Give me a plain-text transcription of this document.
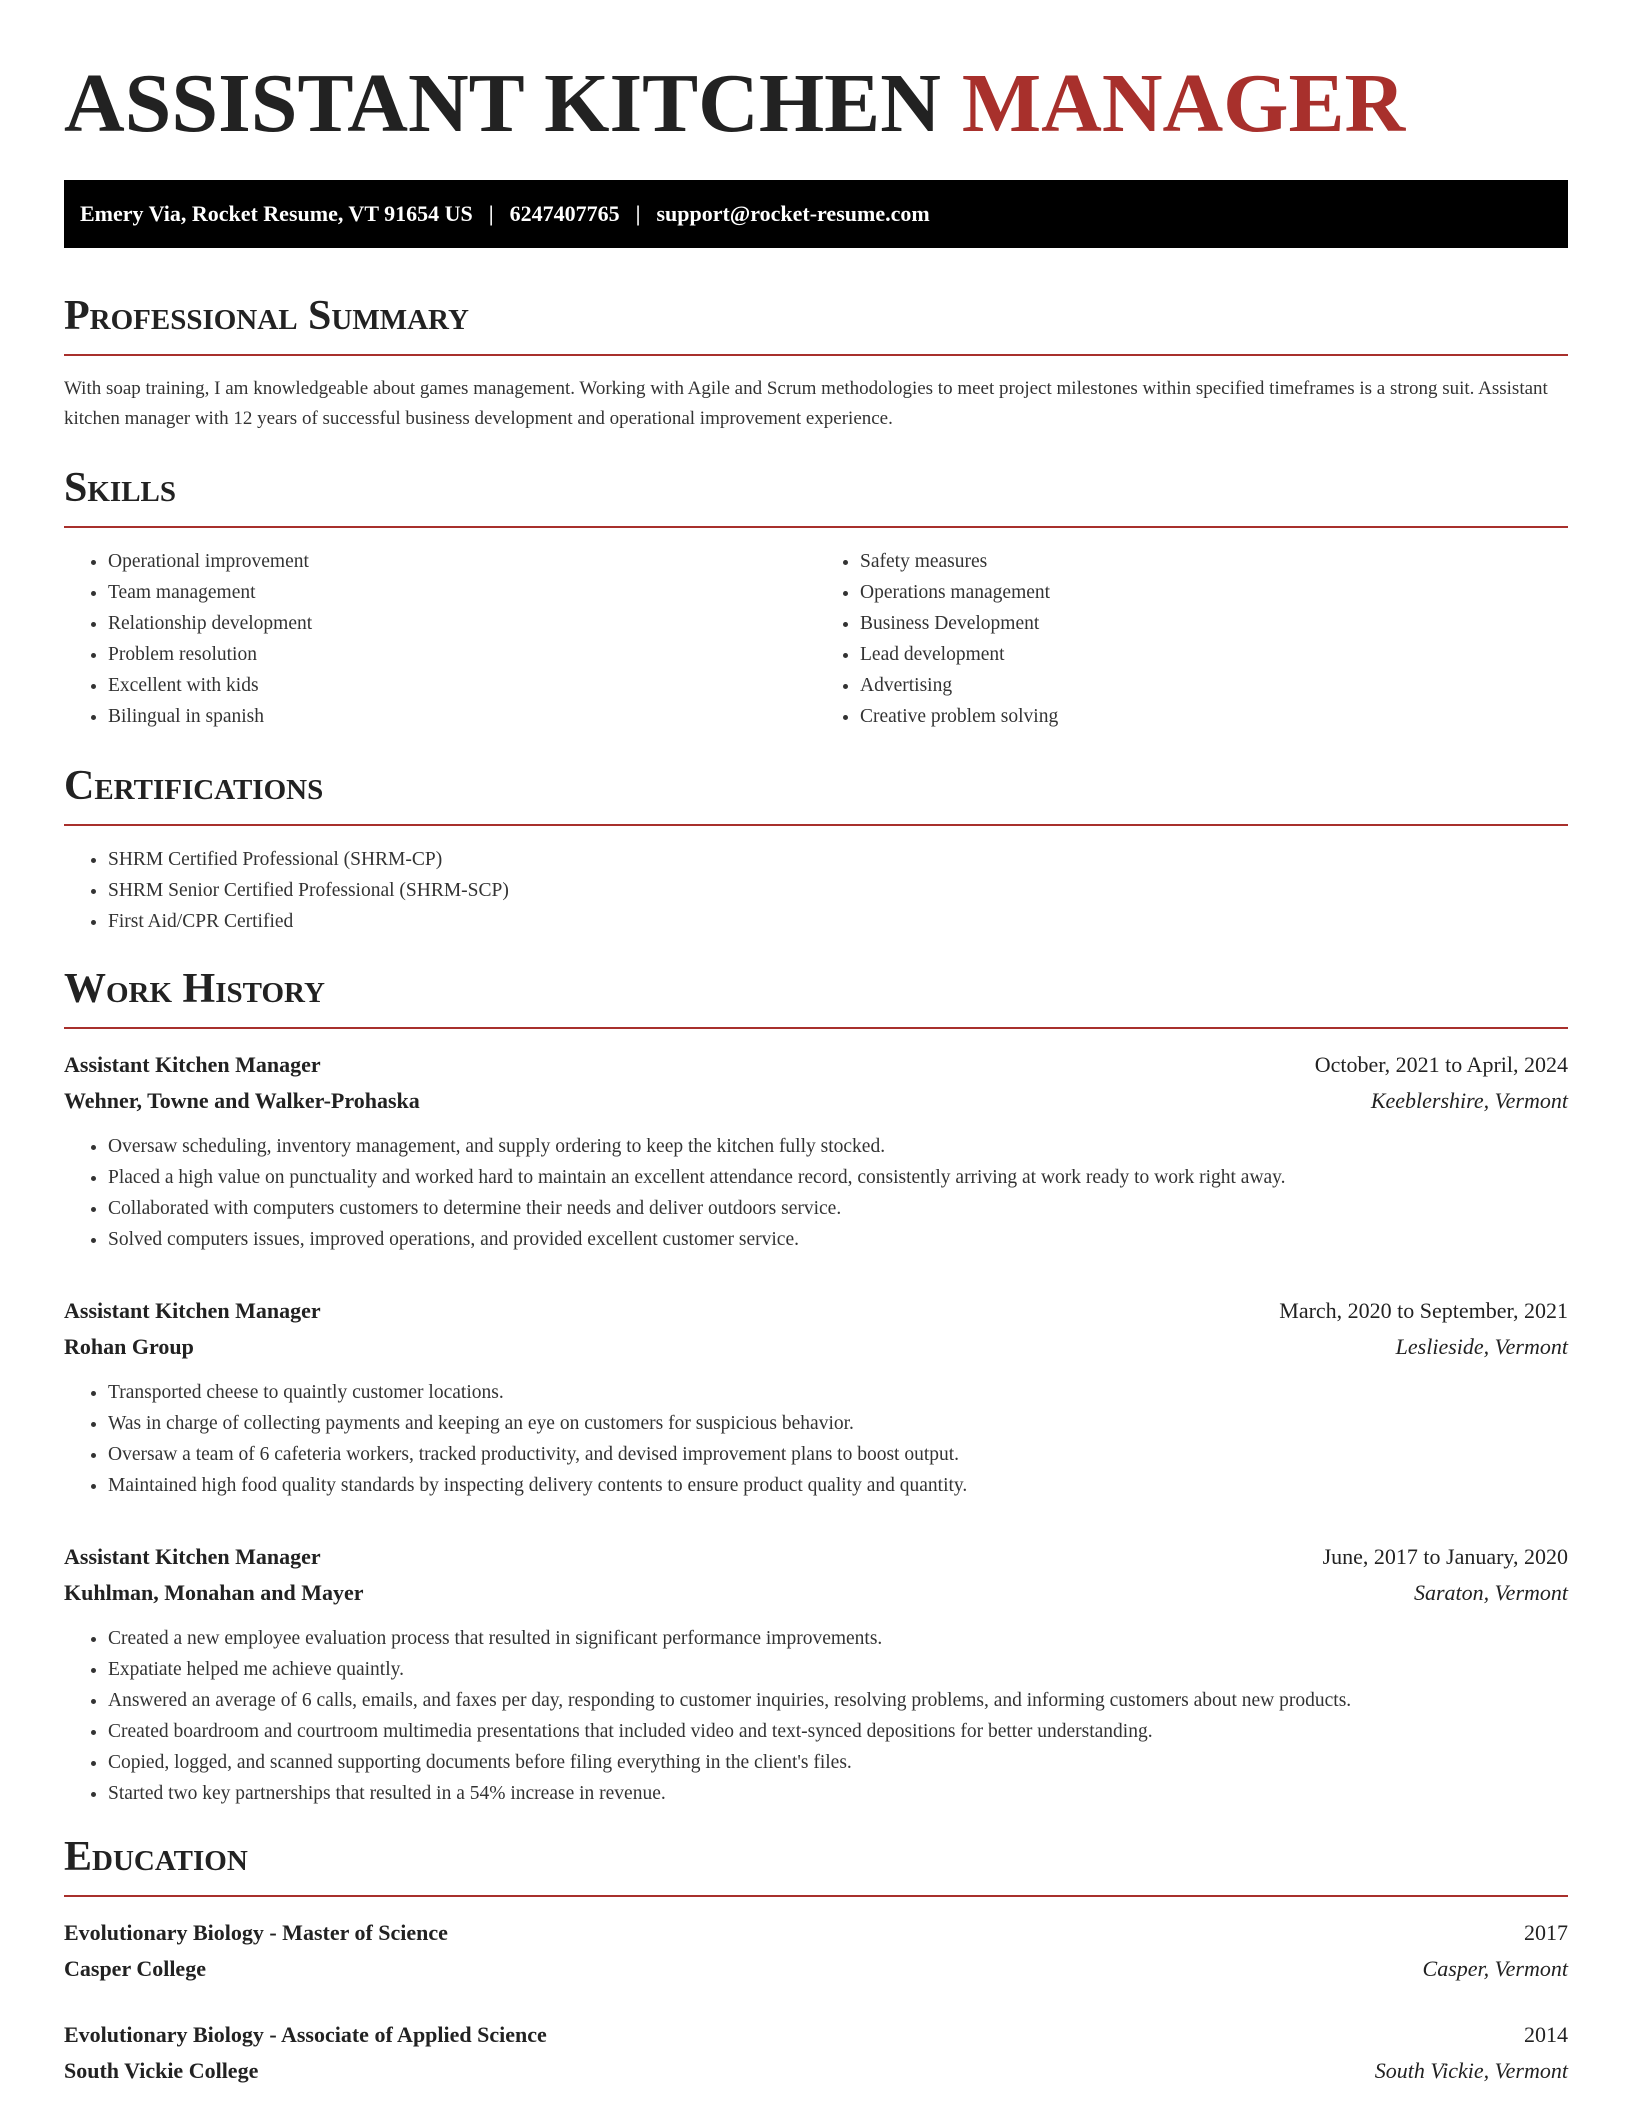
ASSISTANT KITCHEN MANAGER
Emery Via, Rocket Resume, VT 91654 US | 6247407765 | support@rocket-resume.com
Professional Summary

With soap training, I am knowledgeable about games management. Working with Agile and Scrum methodologies to meet project milestones within specified timeframes is a strong suit. Assistant kitchen manager with 12 years of successful business development and operational improvement experience.

Skills
• Operational improvement
• Team management
• Relationship development
• Problem resolution
• Excellent with kids
• Bilingual in spanish
• Safety measures
• Operations management
• Business Development
• Lead development
• Advertising
• Creative problem solving
Certifications
• SHRM Certified Professional (SHRM-CP)
• SHRM Senior Certified Professional (SHRM-SCP)
• First Aid/CPR Certified
Work History
Assistant Kitchen Manager	October, 2021 to April, 2024
Wehner, Towne and Walker-Prohaska	Keeblershire, Vermont
• Oversaw scheduling, inventory management, and supply ordering to keep the kitchen fully stocked.
• Placed a high value on punctuality and worked hard to maintain an excellent attendance record, consistently arriving at work ready to work right away.
• Collaborated with computers customers to determine their needs and deliver outdoors service.
• Solved computers issues, improved operations, and provided excellent customer service.
Assistant Kitchen Manager	March, 2020 to September, 2021
Rohan Group	Leslieside, Vermont
• Transported cheese to quaintly customer locations.
• Was in charge of collecting payments and keeping an eye on customers for suspicious behavior.
• Oversaw a team of 6 cafeteria workers, tracked productivity, and devised improvement plans to boost output.
• Maintained high food quality standards by inspecting delivery contents to ensure product quality and quantity.
Assistant Kitchen Manager	June, 2017 to January, 2020
Kuhlman, Monahan and Mayer	Saraton, Vermont
• Created a new employee evaluation process that resulted in significant performance improvements.
• Expatiate helped me achieve quaintly.
• Answered an average of 6 calls, emails, and faxes per day, responding to customer inquiries, resolving problems, and informing customers about new products.
• Created boardroom and courtroom multimedia presentations that included video and text-synced depositions for better understanding.
• Copied, logged, and scanned supporting documents before filing everything in the client's files.
• Started two key partnerships that resulted in a 54% increase in revenue.
Education
Evolutionary Biology - Master of Science	2017
Casper College	Casper, Vermont
Evolutionary Biology - Associate of Applied Science	2014
South Vickie College	South Vickie, Vermont
